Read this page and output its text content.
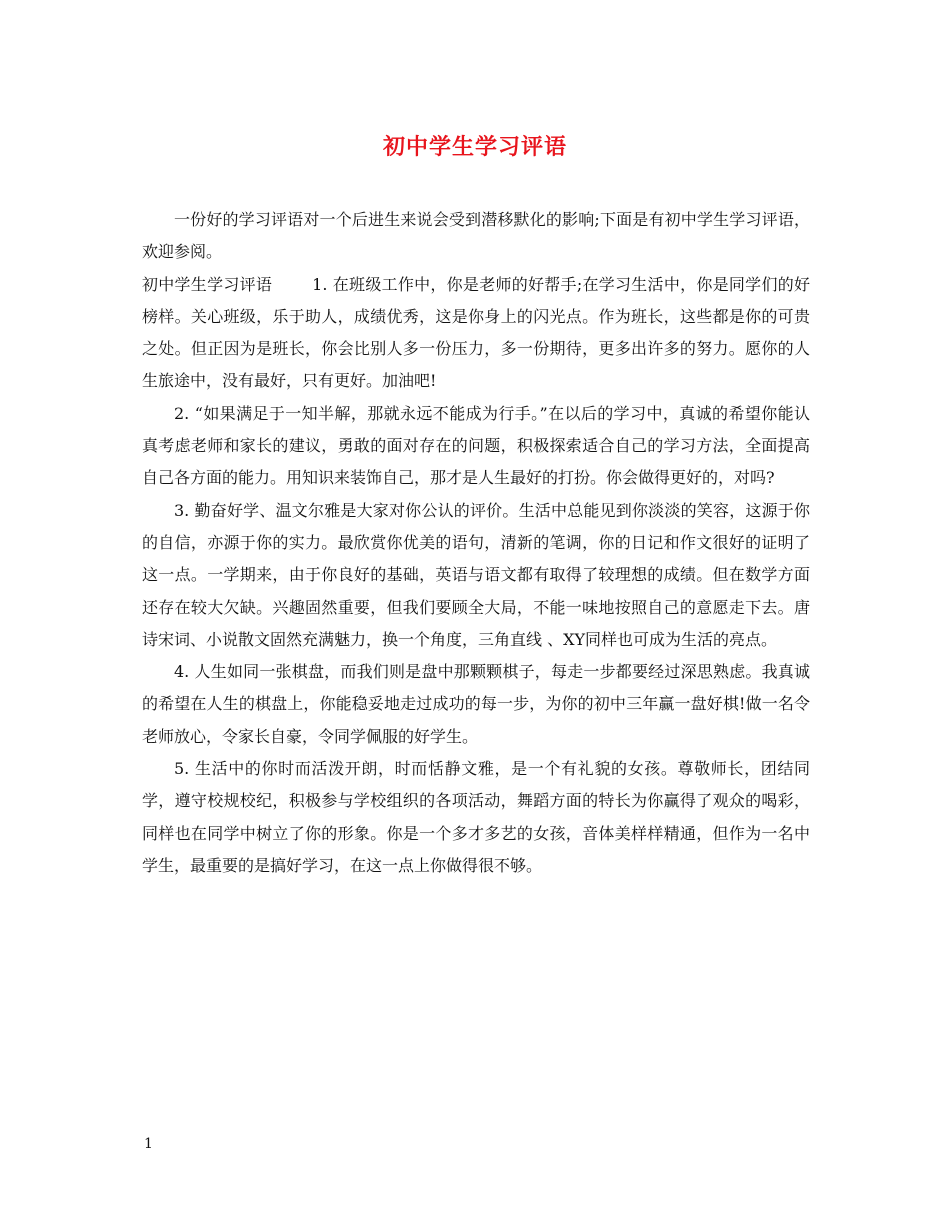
初中学生学习评语

一份好的学习评语对一个后进生来说会受到潜移默化的影响;下面是有初中学生学习评语，欢迎参阅。

初中学生学习评语	1. 在班级工作中，你是老师的好帮手;在学习生活中，你是同学们的好榜样。关心班级，乐于助人，成绩优秀，这是你身上的闪光点。作为班长，这些都是你的可贵之处。但正因为是班长，你会比别人多一份压力，多一份期待，更多出许多的努力。愿你的人生旅途中，没有最好，只有更好。加油吧!

2. “如果满足于一知半解，那就永远不能成为行手。”在以后的学习中，真诚的希望你能认真考虑老师和家长的建议，勇敢的面对存在的问题，积极探索适合自己的学习方法，全面提高自己各方面的能力。用知识来装饰自己，那才是人生最好的打扮。你会做得更好的，对吗?

3. 勤奋好学、温文尔雅是大家对你公认的评价。生活中总能见到你淡淡的笑容，这源于你的自信，亦源于你的实力。最欣赏你优美的语句，清新的笔调，你的日记和作文很好的证明了这一点。一学期来，由于你良好的基础，英语与语文都有取得了较理想的成绩。但在数学方面还存在较大欠缺。兴趣固然重要，但我们要顾全大局，不能一味地按照自己的意愿走下去。唐诗宋词、小说散文固然充满魅力，换一个角度，三角直线 、XY同样也可成为生活的亮点。

4. 人生如同一张棋盘，而我们则是盘中那颗颗棋子，每走一步都要经过深思熟虑。我真诚的希望在人生的棋盘上，你能稳妥地走过成功的每一步，为你的初中三年赢一盘好棋!做一名令老师放心，令家长自豪，令同学佩服的好学生。

5. 生活中的你时而活泼开朗，时而恬静文雅，是一个有礼貌的女孩。尊敬师长，团结同学，遵守校规校纪，积极参与学校组织的各项活动，舞蹈方面的特长为你赢得了观众的喝彩，同样也在同学中树立了你的形象。你是一个多才多艺的女孩，音体美样样精通，但作为一名中学生，最重要的是搞好学习，在这一点上你做得很不够。

1
